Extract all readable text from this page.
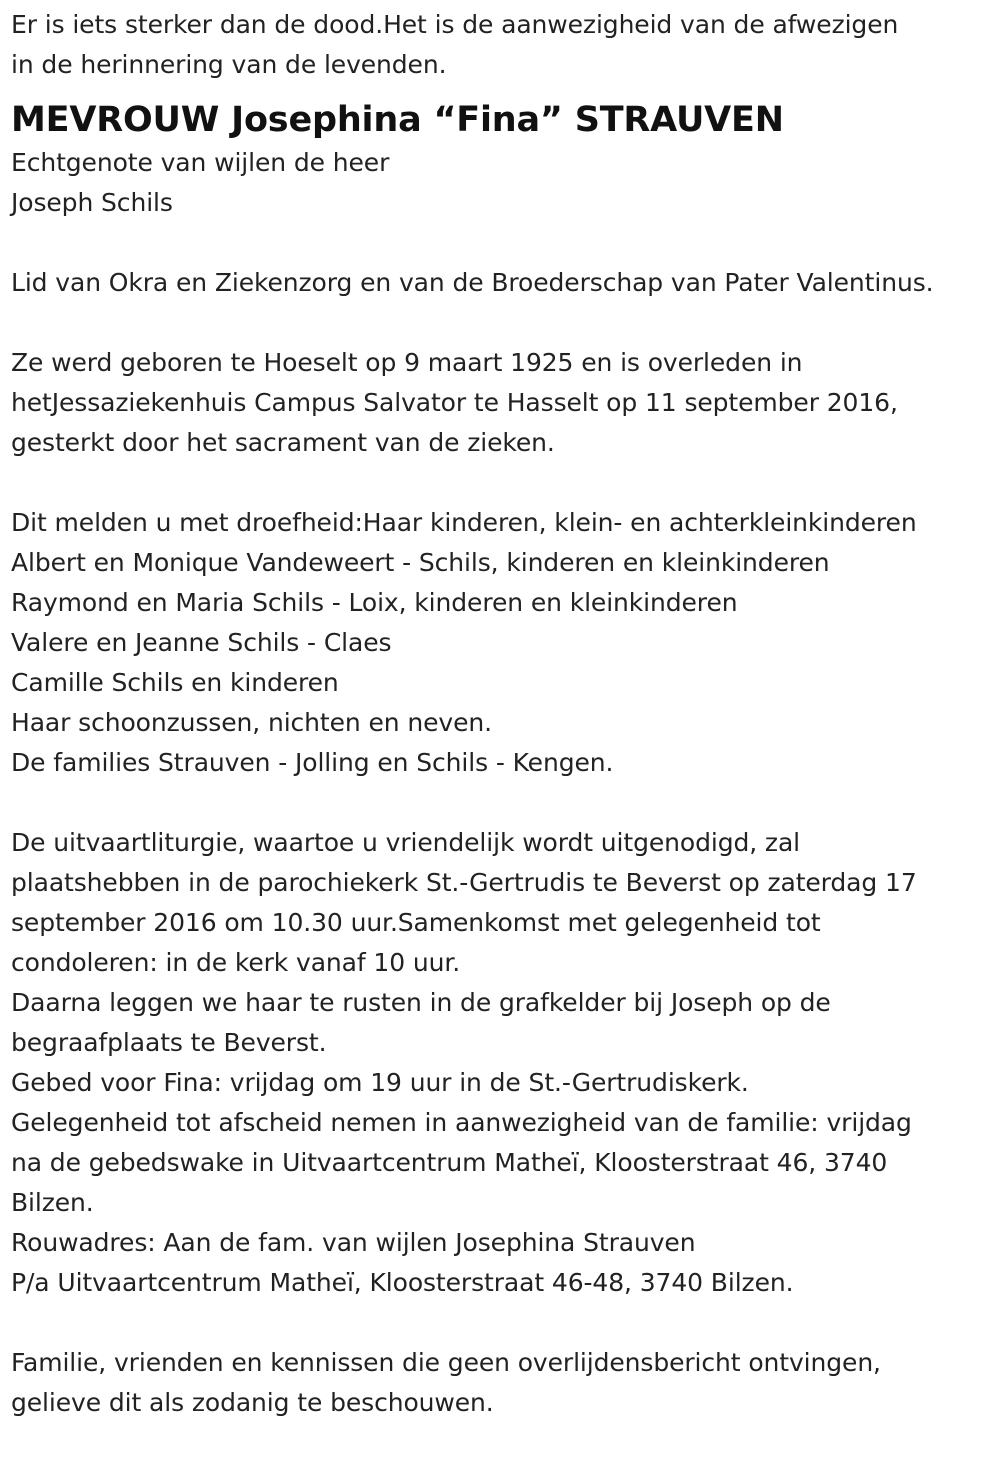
Er is iets sterker dan de dood.Het is de aanwezigheid van de afwezigen

in de herinnering van de levenden.

MEVROUW Josephina “Fina” STRAUVEN

Echtgenote van wijlen de heer

Joseph Schils

Lid van Okra en Ziekenzorg en van de Broederschap van Pater Valentinus.

Ze werd geboren te Hoeselt op 9 maart 1925 en is overleden in

hetJessaziekenhuis Campus Salvator te Hasselt op 11 september 2016,

gesterkt door het sacrament van de zieken.

Dit melden u met droefheid:Haar kinderen, klein- en achterkleinkinderen

Albert en Monique Vandeweert - Schils, kinderen en kleinkinderen

Raymond en Maria Schils - Loix, kinderen en kleinkinderen

Valere en Jeanne Schils - Claes

Camille Schils en kinderen

Haar schoonzussen, nichten en neven.

De families Strauven - Jolling en Schils - Kengen.

De uitvaartliturgie, waartoe u vriendelijk wordt uitgenodigd, zal

plaatshebben in de parochiekerk St.-Gertrudis te Beverst op zaterdag 17

september 2016 om 10.30 uur.Samenkomst met gelegenheid tot

condoleren: in de kerk vanaf 10 uur.

Daarna leggen we haar te rusten in de grafkelder bij Joseph op de

begraafplaats te Beverst.

Gebed voor Fina: vrijdag om 19 uur in de St.-Gertrudiskerk.

Gelegenheid tot afscheid nemen in aanwezigheid van de familie: vrijdag

na de gebedswake in Uitvaartcentrum Matheï, Kloosterstraat 46, 3740

Bilzen.

Rouwadres: Aan de fam. van wijlen Josephina Strauven

P/a Uitvaartcentrum Matheï, Kloosterstraat 46-48, 3740 Bilzen.

Familie, vrienden en kennissen die geen overlijdensbericht ontvingen,

gelieve dit als zodanig te beschouwen.
